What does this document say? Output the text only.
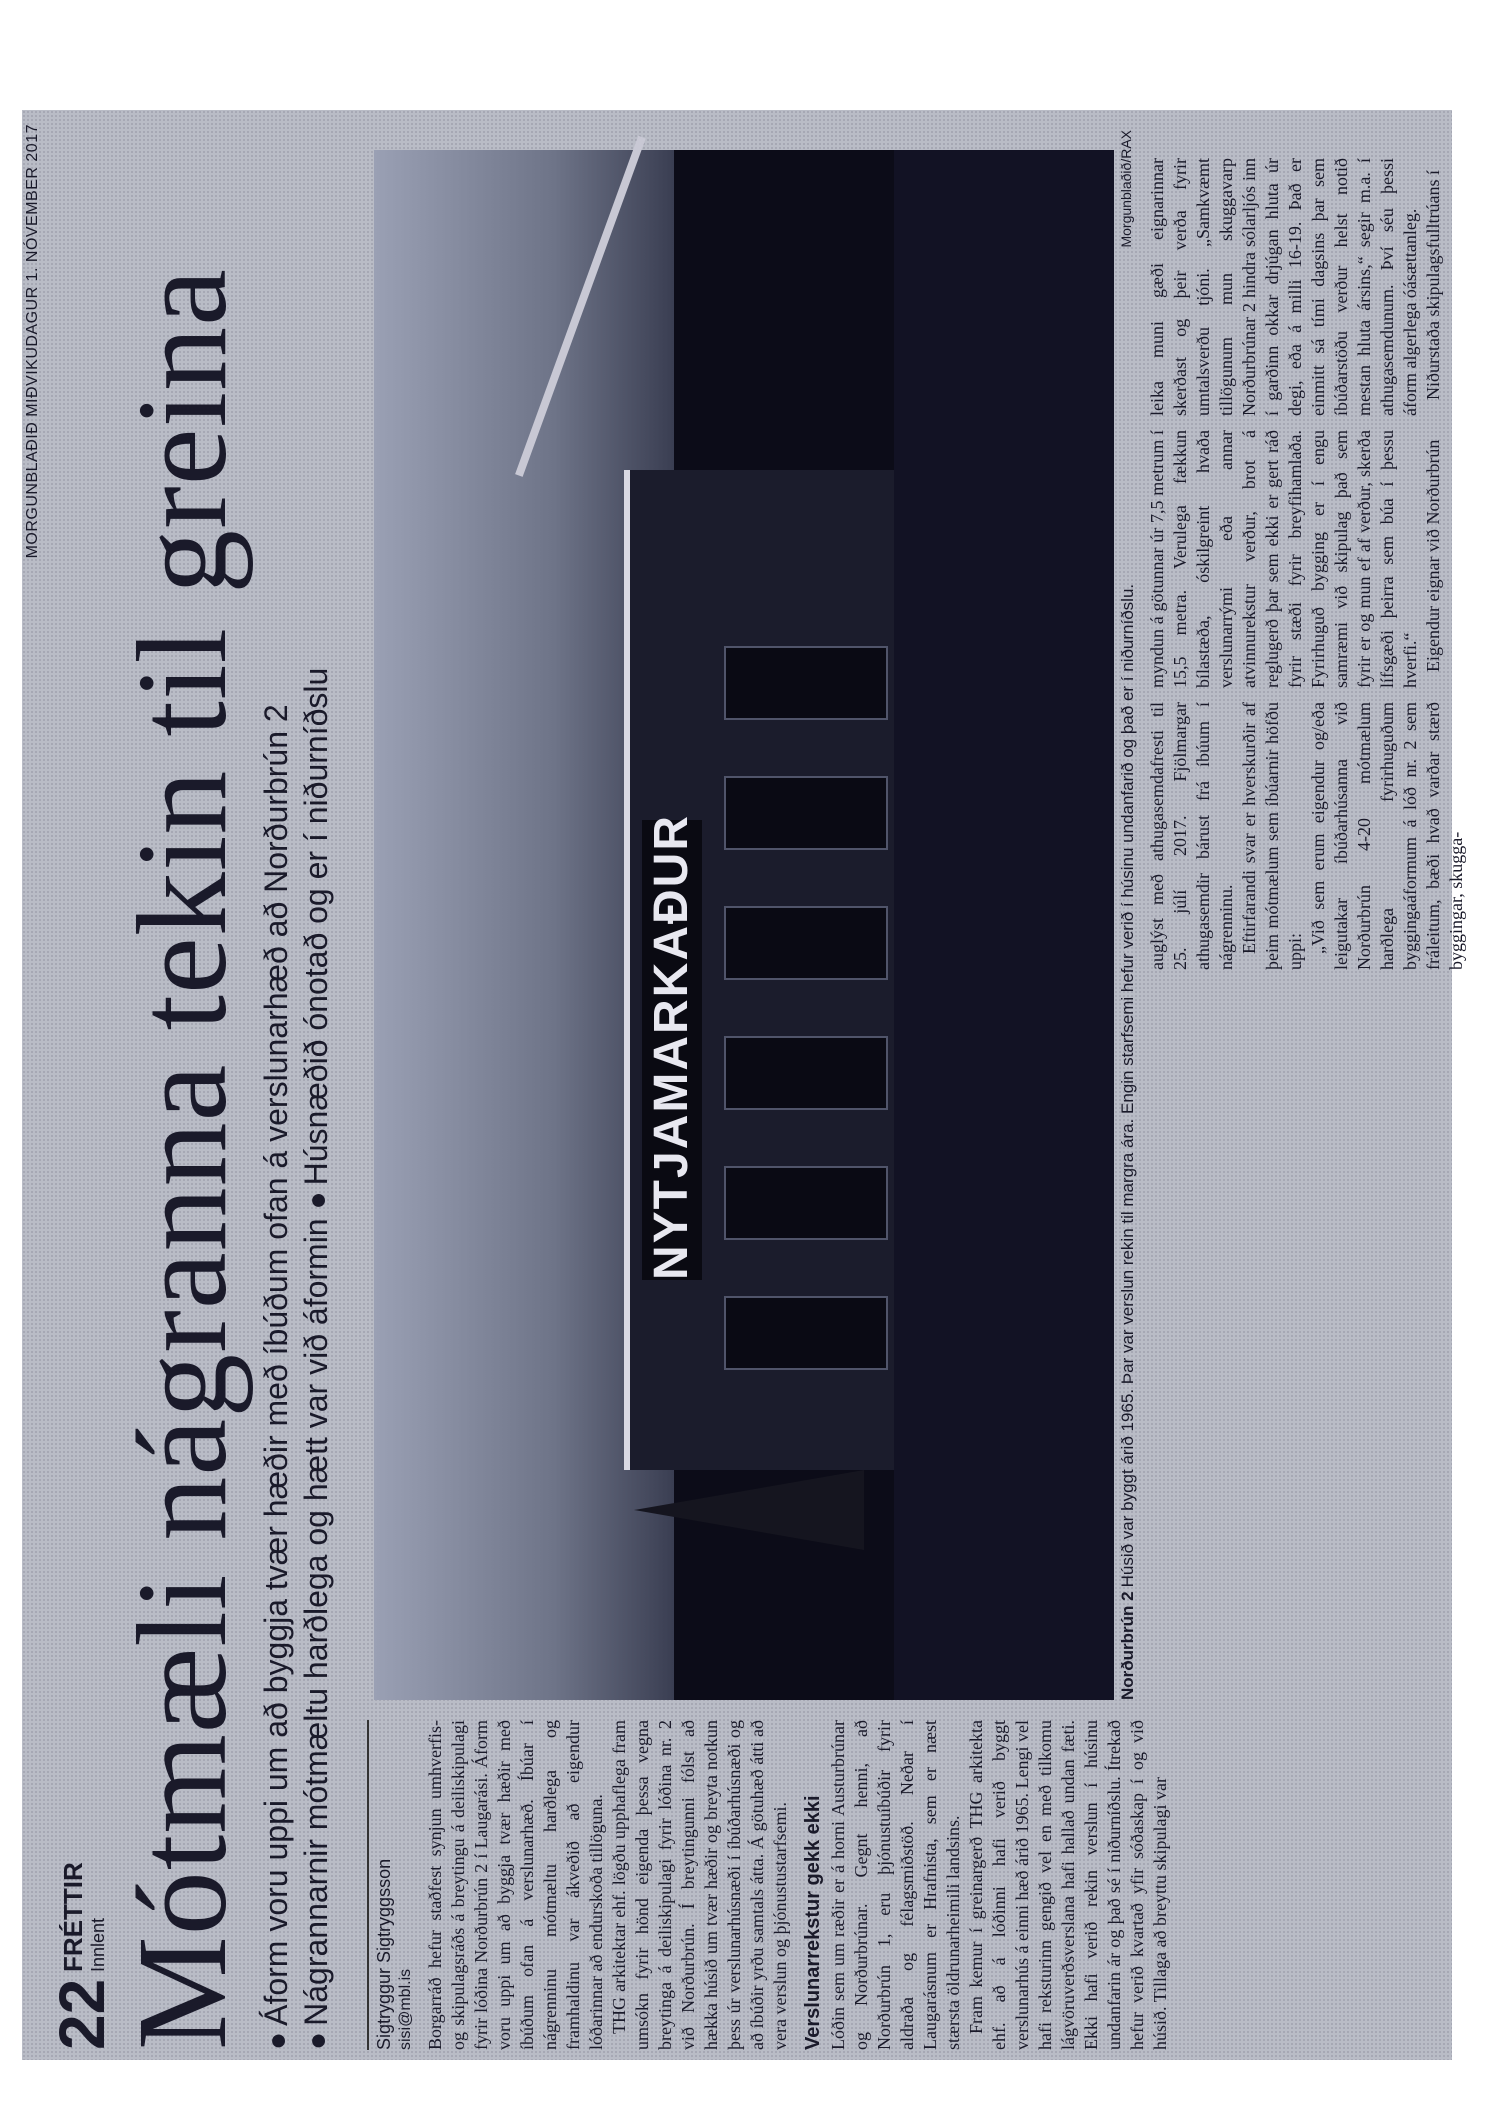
MORGUNBLAÐIÐ MIÐVIKUDAGUR 1. NÓVEMBER 2017
22
FRÉTTIR Innlent Mótmæli nágranna tekin til greina ●Áform voru uppi um að byggja tvær hæðir með íbúðum ofan á verslunarhæð að Norðurbrún 2
●Nágrannarnir mótmæltu harðlega og hætt var við áformin ●Húsnæðið ónotað og er í niðurníðslu
Sigtryggur Sigtryggsson sisi@mbl.is Borgarráð hefur staðfest synjun umhverfis- og skipulagsráðs á breytingu á deiliskipulagi fyrir lóðina Norðurbrún 2 í Laugarási. Áform voru uppi um að byggja tvær hæðir með íbúðum ofan á verslunarhæð. Íbúar í nágrenninu mótmæltu harðlega og framhaldinu var ákveðið að eigendur lóðarinnar að endurskoða tillöguna. THG arkitektar ehf. lögðu upphaflega fram umsókn fyrir hönd eigenda þessa vegna breytinga á deiliskipulagi fyrir lóðina nr. 2 við Norðurbrún. Í breytingunni fólst að hækka húsið um tvær hæðir og breyta notkun þess úr verslunarhúsnæði í íbúðarhúsnæði og að íbúðir yrðu samtals átta. Á götuhæð átti að vera verslun og þjónustustarfsemi. Verslunarrekstur gekk ekki Lóðin sem um ræðir er á horni Austurbrúnar og Norðurbrúnar. Gegnt henni, að Norðurbrún 1, eru þjónustuíbúðir fyrir aldraða og félagsmiðstöð. Neðar í Laugarásnum er Hrafnista, sem er næst stærsta öldrunarheimili landsins. Fram kemur í greinargerð THG arkitekta ehf. að á lóðinni hafi verið byggt verslunarhús á einni hæð árið 1965. Lengi vel hafi reksturinn gengið vel en með tilkomu lágvöruverðsverslana hafi hallað undan fæti. Ekki hafi verið rekin verslun í húsinu undanfarin ár og það sé í niðurníðslu. Ítrekað hefur verið kvartað yfir sóðaskap í og við húsið. Tillaga að breyttu skipulagi var

NYTJAMARKAÐUR
Morgunblaðið/RAX
Norðurbrún 2Húsið var byggt árið 1965. Þar var verslun rekin til margra ára. Engin starfsemi hefur verið í húsinu undanfarið og það er í niðurníðslu. auglýst með athugasemdafresti til 25. júlí 2017. Fjölmargar athugasemdir bárust frá íbúum í nágrenninu. Eftirfarandi svar er hverskurðir af þeim mótmælum sem íbúarnir höfðu uppi: „Við sem erum eigendur og/eða leigutakar íbúðarhúsanna við Norðurbrún 4-20 mótmælum harðlega fyrirhuguðum byggingaáformum á lóð nr. 2 sem fráleitum, bæði hvað varðar stærð byggingar, skugga-

myndun á götunnar úr 7,5 metrum í 15,5 metra. Verulega fækkun bílastæða, óskilgreint hvaða verslunarrými eða annar atvinnurekstur verður, brot á reglugerð þar sem ekki er gert ráð fyrir stæði fyrir breyfihamlaða. Fyrirhuguð bygging er í engu samræmi við skipulag það sem fyrir er og mun ef af verður, skerða lífsgæði þeirra sem búa í þessu hverfi.“ Eigendur eignar við Norðurbrún

leika muni gæði eignarinnar skerðast og þeir verða fyrir umtalsverðu tjóni. „Samkvæmt tillögunum mun skuggavarp Norðurbrúnar 2 hindra sólarljós inn í garðinn okkar drjúgan hluta úr degi, eða á milli 16-19. Það er einmitt sá tími dagsins þar sem íbúðarstöðu verður helst notið mestan hluta ársins,“ segir m.a. í athugasemdunum. Því séu þessi áform algerlega óásættanleg. Niðurstaða skipulagsfulltrúans í
